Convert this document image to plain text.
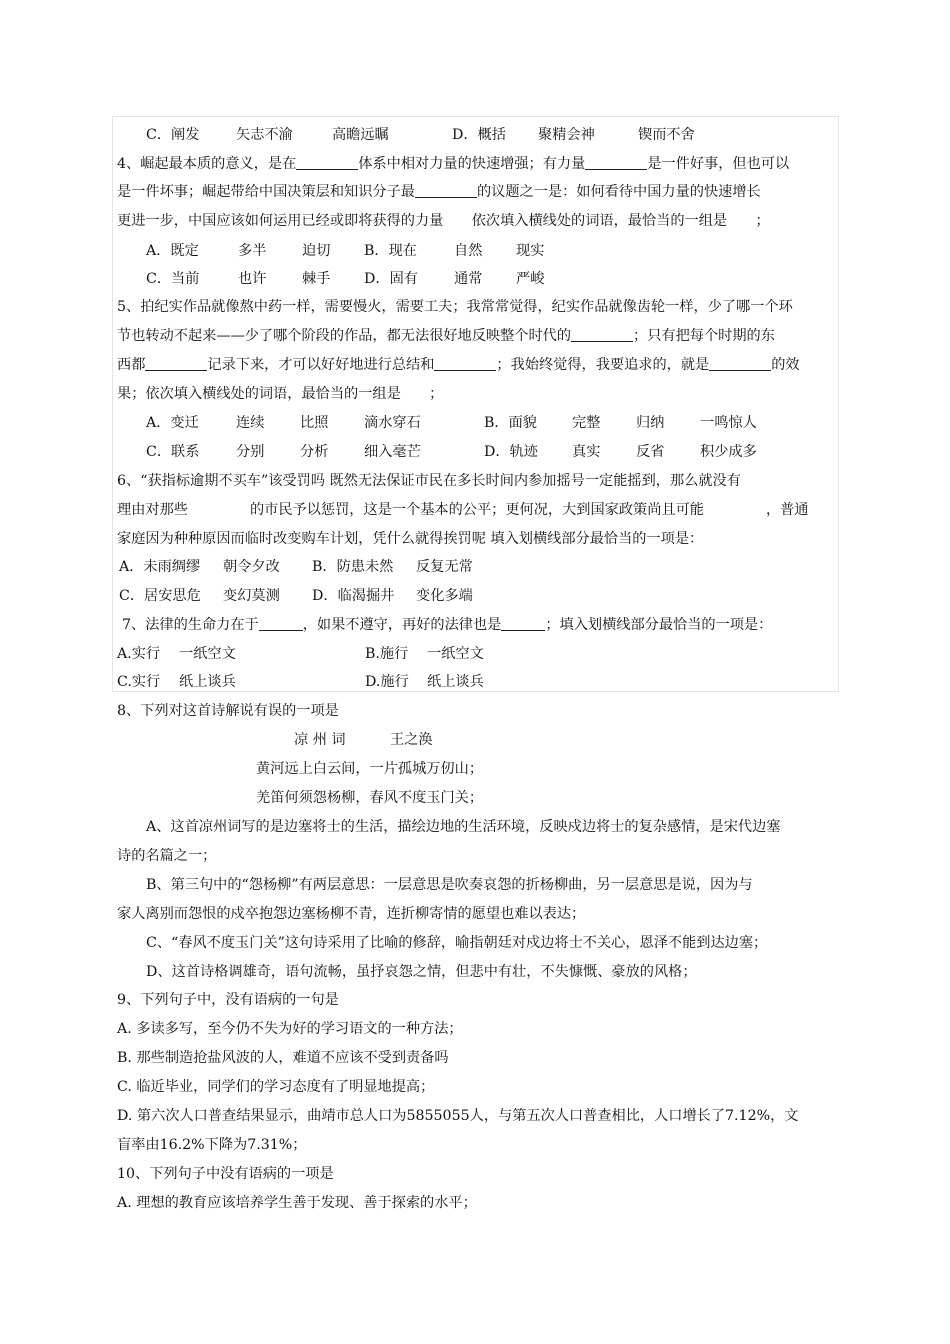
C．阐发	矢志不渝	高瞻远瞩	D．概括 聚精会神	锲而不舍
4、崛起最本质的意义，是在	体系中相对力量的快速增强；有力量	是一件好事，但也可以
是一件坏事；崛起带给中国决策层和知识分子最	的议题之一是：如何看待中国力量的快速增长
更进一步，中国应该如何运用已经或即将获得的力量　　依次填入横线处的词语，最恰当的一组是　　；
A．既定	多半	迫切 B．现在	自然 现实
C．当前	也许	棘手 D．固有	通常 严峻
5、拍纪实作品就像熬中药一样，需要慢火，需要工夫；我常常觉得，纪实作品就像齿轮一样，少了哪一个环
节也转动不起来——少了哪个阶段的作品，都无法很好地反映整个时代的	；只有把每个时期的东
西都	记录下来，才可以好好地进行总结和	；我始终觉得，我要追求的，就是	的效
果；依次填入横线处的词语，最恰当的一组是　　；
A．变迁	连续	比照	滴水穿石	B．面貌 完整	归纳	一鸣惊人
C．联系	分别	分析	细入毫芒	D．轨迹 真实	反省	积少成多
6、“获指标逾期不买车”该受罚吗 既然无法保证市民在多长时间内参加摇号一定能摇到，那么就没有
理由对那些	的市民予以惩罚，这是一个基本的公平；更何况，大到国家政策尚且可能	，普通
家庭因为种种原因而临时改变购车计划，凭什么就得挨罚呢 填入划横线部分最恰当的一项是：
A．未雨绸缪 朝令夕改 B．防患未然 反复无常
C．居安思危 变幻莫测 D．临渴掘井 变化多端
7、法律的生命力在于	，如果不遵守，再好的法律也是	；填入划横线部分最恰当的一项是：
A.实行 一纸空文	B.施行 一纸空文
C.实行 纸上谈兵	D.施行 纸上谈兵
8、下列对这首诗解说有误的一项是
凉 州 词	王之涣
黄河远上白云间，一片孤城万仞山；
羌笛何须怨杨柳，春风不度玉门关；
A、这首凉州词写的是边塞将士的生活，描绘边地的生活环境，反映戍边将士的复杂感情，是宋代边塞
诗的名篇之一；
B、第三句中的“怨杨柳”有两层意思：一层意思是吹奏哀怨的折杨柳曲，另一层意思是说，因为与
家人离别而怨恨的戍卒抱怨边塞杨柳不青，连折柳寄情的愿望也难以表达；
C、“春风不度玉门关”这句诗采用了比喻的修辞，喻指朝廷对戍边将士不关心，恩泽不能到达边塞；
D、这首诗格调雄奇，语句流畅，虽抒哀怨之情，但悲中有壮，不失慷慨、豪放的风格；
9、下列句子中，没有语病的一句是
A. 多读多写，至今仍不失为好的学习语文的一种方法；
B. 那些制造抢盐风波的人，难道不应该不受到责备吗
C. 临近毕业，同学们的学习态度有了明显地提高；
D. 第六次人口普查结果显示，曲靖市总人口为5855055人，与第五次人口普查相比，人口增长了7.12%，文
盲率由16.2%下降为7.31%；
10、下列句子中没有语病的一项是
A. 理想的教育应该培养学生善于发现、善于探索的水平；
